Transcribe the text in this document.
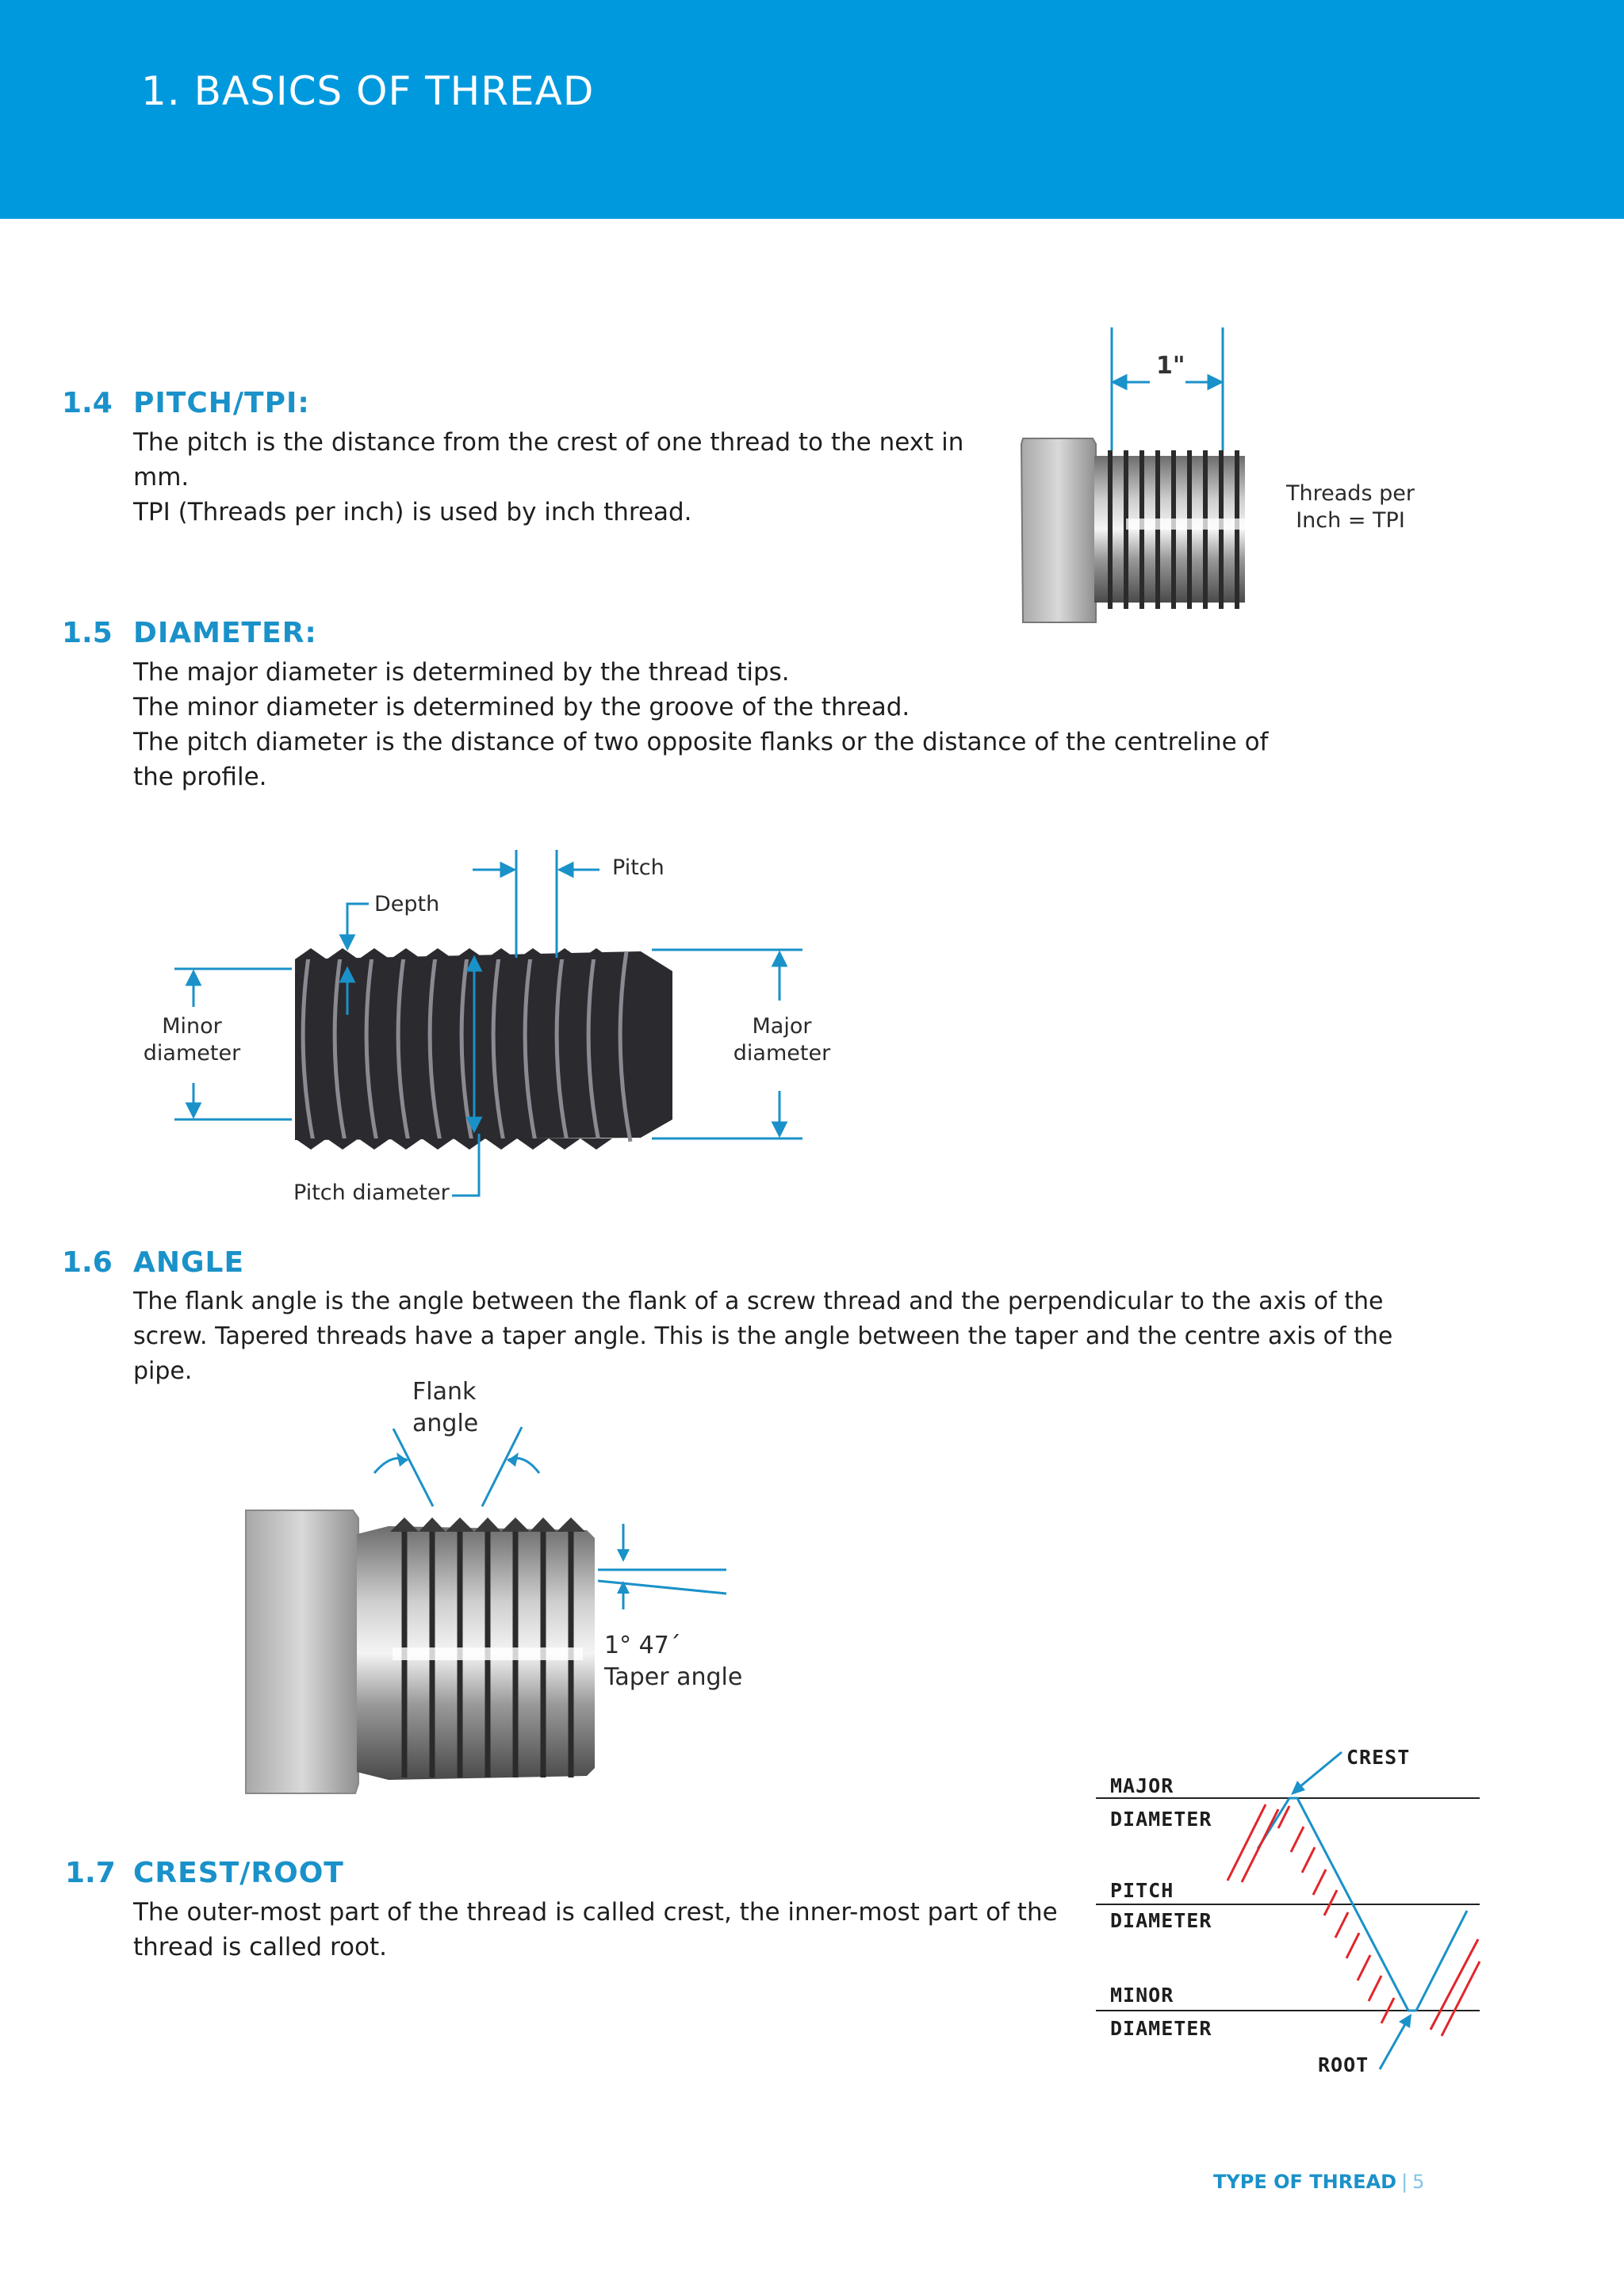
1. BASICS OF THREAD
1.4 PITCH/TPI:
The pitch is the distance from the crest of one thread to the next in
mm.
TPI (Threads per inch) is used by inch thread.
1.5 DIAMETER:
The major diameter is determined by the thread tips.
The minor diameter is determined by the groove of the thread.
The pitch diameter is the distance of two opposite flanks or the distance of the centreline of
the profile.
1.6 ANGLE
The flank angle is the angle between the flank of a screw thread and the perpendicular to the axis of the
screw. Tapered threads have a taper angle. This is the angle between the taper and the centre axis of the
pipe.
1.7 CREST/ROOT
The outer-most part of the thread is called crest, the inner-most part of the
thread is called root.
1"
Threads per
Inch = TPI
Pitch
Depth
Minor
diameter
Major
diameter
Pitch diameter
Flank
angle
1° 47´
Taper angle
CREST
MAJOR
DIAMETER
PITCH
DIAMETER
MINOR
DIAMETER
ROOT
TYPE OF THREAD | 5
